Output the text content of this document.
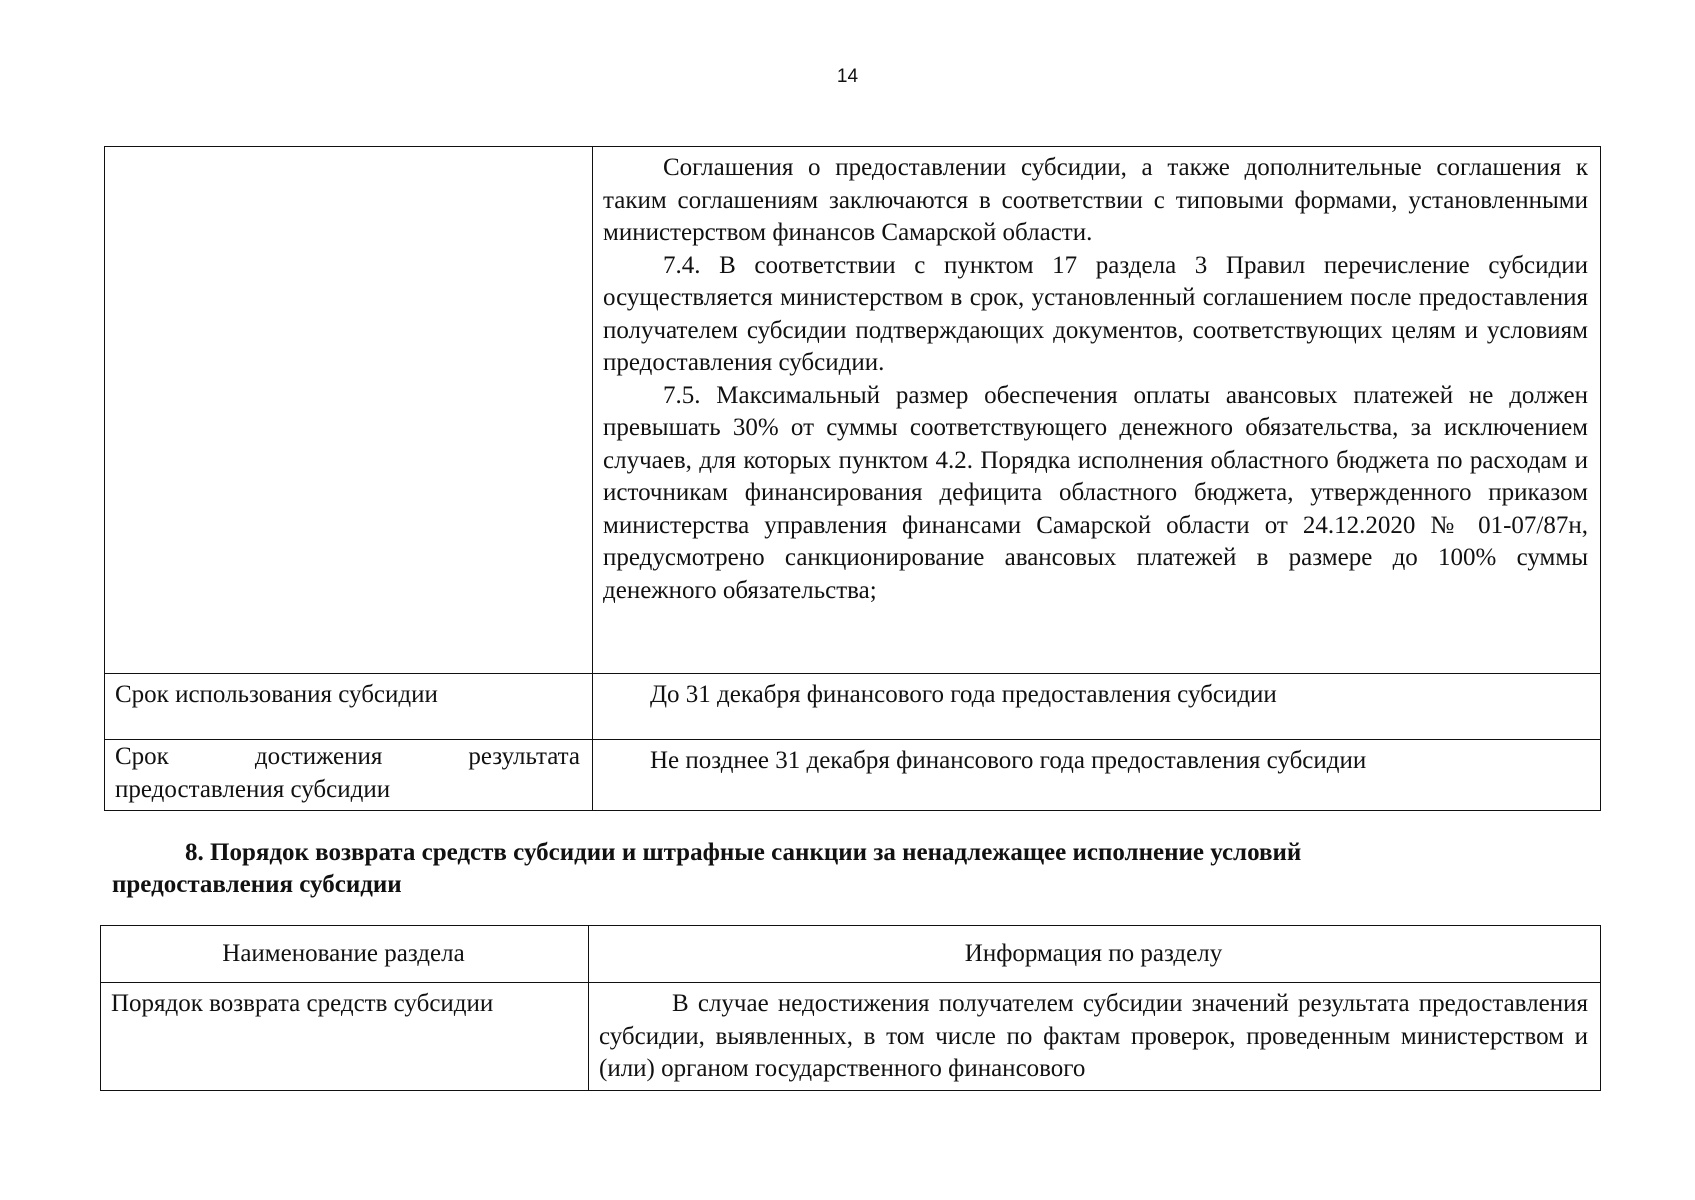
14

	Соглашения о предоставлении субсидии, а также дополнительные соглашения к таким соглашениям заключаются в соответствии с типовыми формами, установленными министерством финансов Самарской области.

7.4. В соответствии с пунктом 17 раздела 3 Правил перечисление субсидии осуществляется министерством в срок, установленный соглашением после предоставления получателем субсидии подтверждающих документов, соответствующих целям и условиям предоставления субсидии.

7.5. Максимальный размер обеспечения оплаты авансовых платежей не должен превышать 30% от суммы соответствующего денежного обязательства, за исключением случаев, для которых пунктом 4.2. Порядка исполнения областного бюджета по расходам и источникам финансирования дефицита областного бюджета, утвержденного приказом министерства управления финансами Самарской области от 24.12.2020 № 01-07/87н, предусмотрено санкционирование авансовых платежей в размере до 100% суммы денежного обязательства;

Срок использования субсидии	До 31 декабря финансового года предоставления субсидии

Срок достижения результата
предоставления субсидии	Не позднее 31 декабря финансового года предоставления субсидии
8. Порядок возврата средств субсидии и штрафные санкции за ненадлежащее исполнение условий
предоставления субсидии
Наименование раздела	Информация по разделу
Порядок возврата средств субсидии	В случае недостижения получателем субсидии значений результата предоставления субсидии, выявленных, в том числе по фактам проверок, проведенным министерством и (или) органом государственного финансового
